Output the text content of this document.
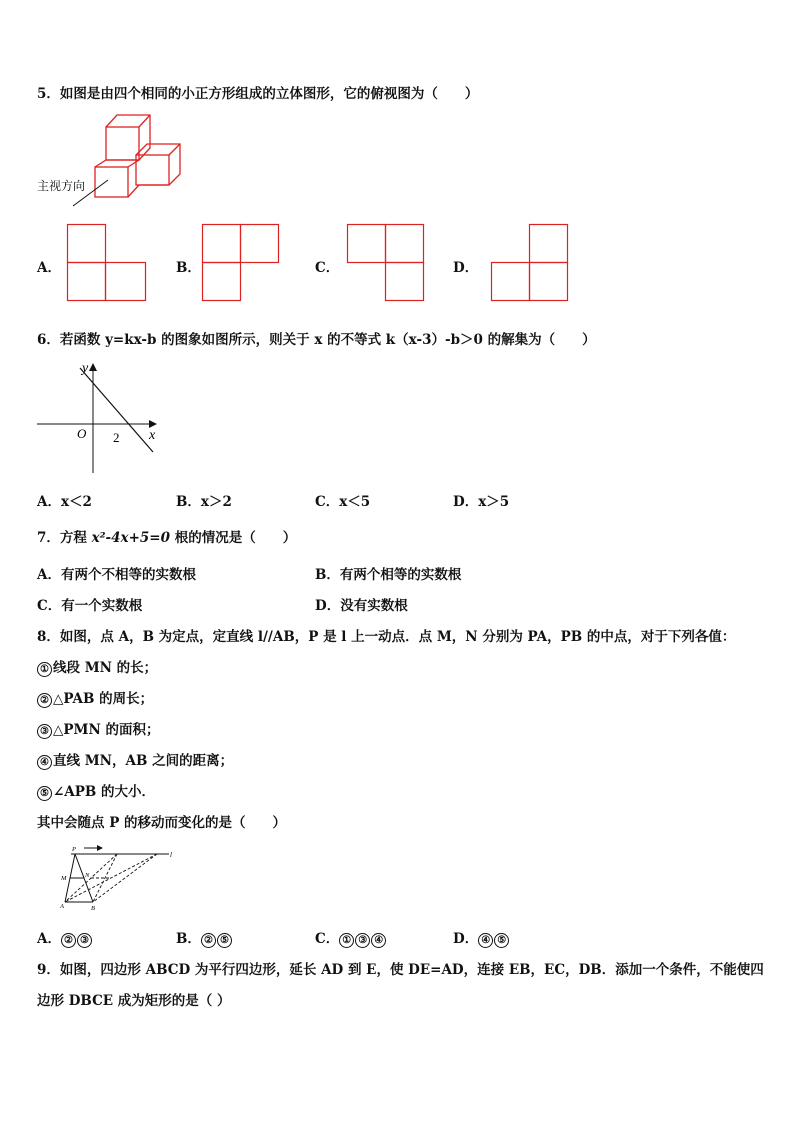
5．如图是由四个相同的小正方形组成的立体图形，它的俯视图为（　　）
主视方向
A．	B．	C．	D．
6．若函数 y=kx-b 的图象如图所示，则关于 x 的不等式 k（x-3）-b＞0 的解集为（　　）
y
x
O 2
A．x＜2	B．x＞2	C．x＜5	D．x＞5
7．方程 x²-4x+5=0 根的情况是（　　）
A．有两个不相等的实数根	B．有两个相等的实数根
C．有一个实数根	D．没有实数根
8．如图，点 A，B 为定点，定直线 l//AB，P 是 l 上一动点．点 M，N 分别为 PA，PB 的中点，对于下列各值：
① 线段 MN 的长；
② △PAB 的周长；
③ △PMN 的面积；
④ 直线 MN，AB 之间的距离；
⑤ ∠APB 的大小．
其中会随点 P 的移动而变化的是（　　）
P
l
M	N
A	B
A． ② ③	B． ② ⑤	C． ① ③ ④	D． ④ ⑤
9．如图，四边形 ABCD 为平行四边形，延长 AD 到 E，使 DE=AD，连接 EB，EC，DB．添加一个条件，不能使四
边形 DBCE 成为矩形的是（ ）
